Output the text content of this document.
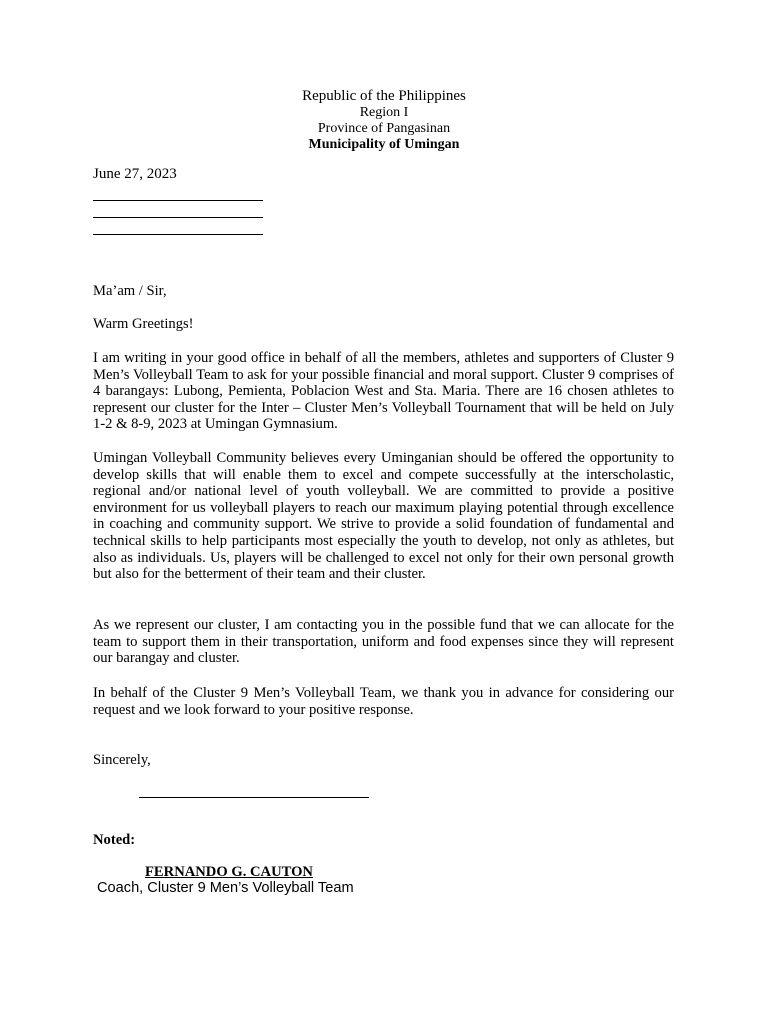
Republic of the Philippines
Region I
Province of Pangasinan
Municipality of Umingan
June 27, 2023

Ma’am / Sir,

Warm Greetings!

I am writing in your good office in behalf of all the members, athletes and supporters of Cluster 9 Men’s Volleyball Team to ask for your possible financial and moral support. Cluster 9 comprises of 4 barangays: Lubong, Pemienta, Poblacion West and Sta. Maria. There are 16 chosen athletes to represent our cluster for the Inter – Cluster Men’s Volleyball Tournament that will be held on July 1-2 & 8-9, 2023 at Umingan Gymnasium.

Umingan Volleyball Community believes every Uminganian should be offered the opportunity to develop skills that will enable them to excel and compete successfully at the interscholastic, regional and/or national level of youth volleyball. We are committed to provide a positive environment for us volleyball players to reach our maximum playing potential through excellence in coaching and community support. We strive to provide a solid foundation of fundamental and technical skills to help participants most especially the youth to develop, not only as athletes, but also as individuals. Us, players will be challenged to excel not only for their own personal growth but also for the betterment of their team and their cluster.

As we represent our cluster, I am contacting you in the possible fund that we can allocate for the team to support them in their transportation, uniform and food expenses since they will represent our barangay and cluster.

In behalf of the Cluster 9 Men’s Volleyball Team, we thank you in advance for considering our request and we look forward to your positive response.

Sincerely,

Noted:
FERNANDO G. CAUTON
Coach, Cluster 9 Men’s Volleyball Team
